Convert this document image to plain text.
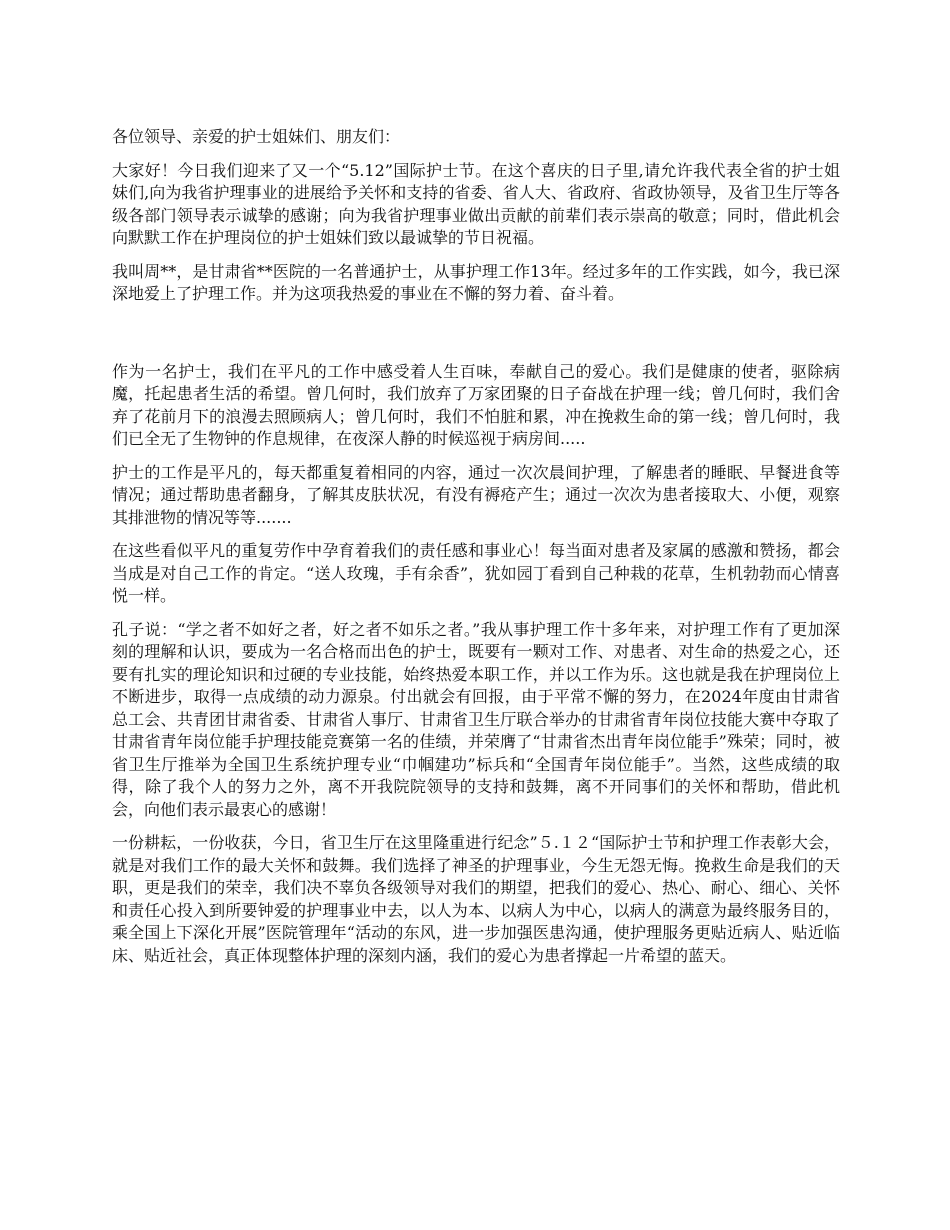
各位领导、亲爱的护士姐妹们、朋友们：

大家好！今日我们迎来了又一个“5.12”国际护士节。在这个喜庆的日子里,请允许我代表全省的护士姐妹们,向为我省护理事业的进展给予关怀和支持的省委、省人大、省政府、省政协领导，及省卫生厅等各级各部门领导表示诚挚的感谢；向为我省护理事业做出贡献的前辈们表示崇高的敬意；同时，借此机会向默默工作在护理岗位的护士姐妹们致以最诚挚的节日祝福。

我叫周**，是甘肃省**医院的一名普通护士，从事护理工作13年。经过多年的工作实践，如今，我已深深地爱上了护理工作。并为这项我热爱的事业在不懈的努力着、奋斗着。

作为一名护士，我们在平凡的工作中感受着人生百味，奉献自己的爱心。我们是健康的使者，驱除病魔，托起患者生活的希望。曾几何时，我们放弃了万家团聚的日子奋战在护理一线；曾几何时，我们舍弃了花前月下的浪漫去照顾病人；曾几何时，我们不怕脏和累，冲在挽救生命的第一线；曾几何时，我们已全无了生物钟的作息规律，在夜深人静的时候巡视于病房间.....

护士的工作是平凡的，每天都重复着相同的内容，通过一次次晨间护理，了解患者的睡眠、早餐进食等情况；通过帮助患者翻身，了解其皮肤状况，有没有褥疮产生；通过一次次为患者接取大、小便，观察其排泄物的情况等等.......

在这些看似平凡的重复劳作中孕育着我们的责任感和事业心！每当面对患者及家属的感激和赞扬，都会当成是对自己工作的肯定。“送人玫瑰，手有余香”，犹如园丁看到自己种栽的花草，生机勃勃而心情喜悦一样。

孔子说：“学之者不如好之者，好之者不如乐之者。”我从事护理工作十多年来，对护理工作有了更加深刻的理解和认识，要成为一名合格而出色的护士，既要有一颗对工作、对患者、对生命的热爱之心，还要有扎实的理论知识和过硬的专业技能，始终热爱本职工作，并以工作为乐。这也就是我在护理岗位上不断进步，取得一点成绩的动力源泉。付出就会有回报，由于平常不懈的努力，在2024年度由甘肃省总工会、共青团甘肃省委、甘肃省人事厅、甘肃省卫生厅联合举办的甘肃省青年岗位技能大赛中夺取了甘肃省青年岗位能手护理技能竞赛第一名的佳绩，并荣膺了“甘肃省杰出青年岗位能手”殊荣；同时，被省卫生厅推举为全国卫生系统护理专业“巾帼建功”标兵和“全国青年岗位能手”。当然，这些成绩的取得，除了我个人的努力之外，离不开我院院领导的支持和鼓舞，离不开同事们的关怀和帮助，借此机会，向他们表示最衷心的感谢！

一份耕耘，一份收获，今日，省卫生厅在这里隆重进行纪念”５.１２“国际护士节和护理工作表彰大会，就是对我们工作的最大关怀和鼓舞。我们选择了神圣的护理事业，今生无怨无悔。挽救生命是我们的天职，更是我们的荣幸，我们决不辜负各级领导对我们的期望，把我们的爱心、热心、耐心、细心、关怀和责任心投入到所要钟爱的护理事业中去，以人为本、以病人为中心，以病人的满意为最终服务目的，乘全国上下深化开展”医院管理年“活动的东风，进一步加强医患沟通，使护理服务更贴近病人、贴近临床、贴近社会，真正体现整体护理的深刻内涵，我们的爱心为患者撑起一片希望的蓝天。
